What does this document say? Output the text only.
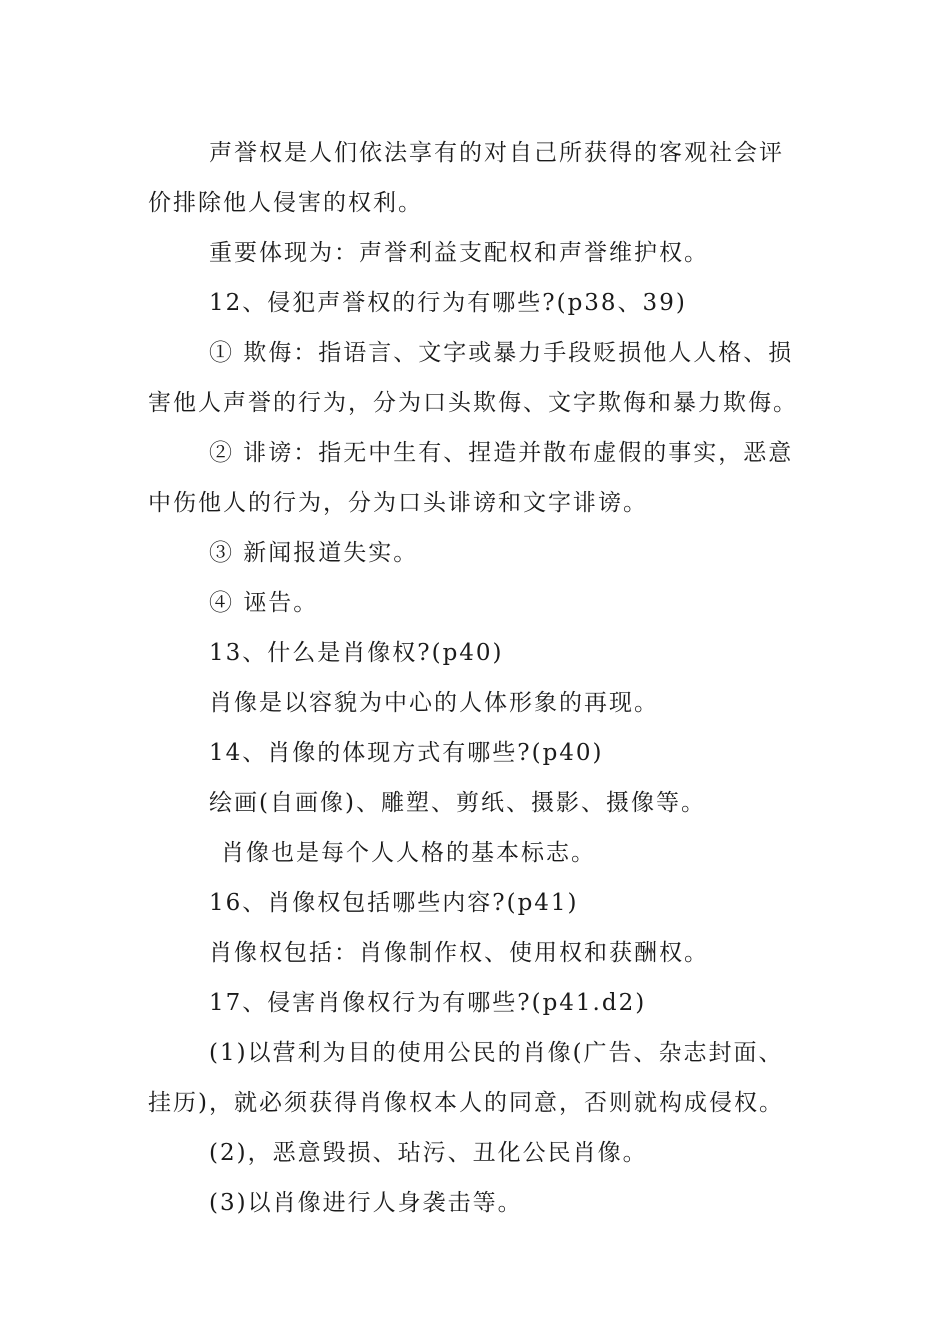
声誉权是人们依法享有的对自己所获得的客观社会评价排除他人侵害的权利。

重要体现为：声誉利益支配权和声誉维护权。

12、侵犯声誉权的行为有哪些?(p38、39)

① 欺侮：指语言、文字或暴力手段贬损他人人格、损害他人声誉的行为，分为口头欺侮、文字欺侮和暴力欺侮。

② 诽谤：指无中生有、捏造并散布虚假的事实，恶意中伤他人的行为，分为口头诽谤和文字诽谤。

③ 新闻报道失实。

④ 诬告。

13、什么是肖像权?(p40)

肖像是以容貌为中心的人体形象的再现。

14、肖像的体现方式有哪些?(p40)

绘画(自画像)、雕塑、剪纸、摄影、摄像等。

肖像也是每个人人格的基本标志。

16、肖像权包括哪些内容?(p41)

肖像权包括：肖像制作权、使用权和获酬权。

17、侵害肖像权行为有哪些?(p41.d2)

(1)以营利为目的使用公民的肖像(广告、杂志封面、挂历)，就必须获得肖像权本人的同意，否则就构成侵权。

(2)，恶意毁损、玷污、丑化公民肖像。

(3)以肖像进行人身袭击等。
